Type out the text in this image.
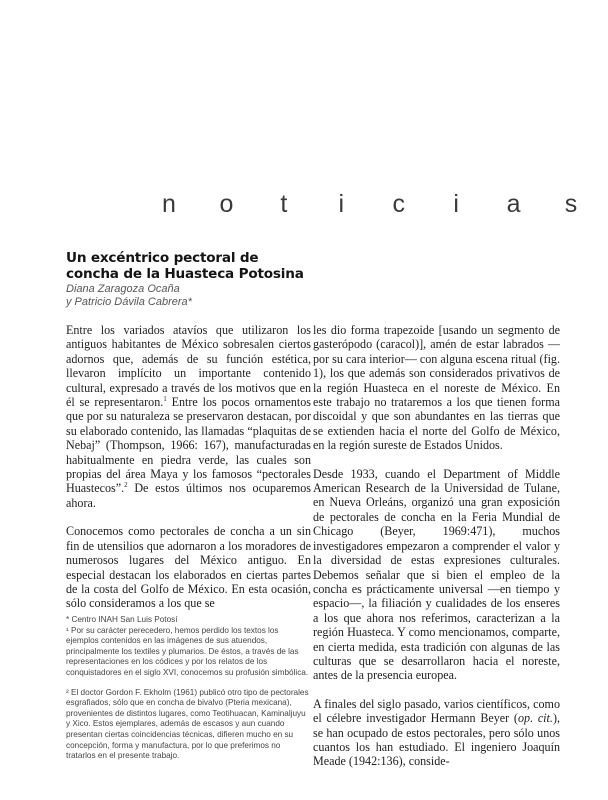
n o t i c i a s
Un excéntrico pectoral de
concha de la Huasteca Potosina
Diana Zaragoza Ocaña
y Patricio Dávila Cabrera*

Entre los variados atavíos que utilizaron los antiguos habitantes de México sobresalen ciertos adornos que, además de su función estética, llevaron implícito un importante contenido cultural, expresado a través de los motivos que en él se representaron.$^1$ Entre los pocos ornamentos que por su naturaleza se preservaron destacan, por su elaborado contenido, las llamadas “plaquitas de Nebaj” (Thompson, 1966: 167), manufacturadas habitualmente en piedra verde, las cuales son propias del área Maya y los famosos “pectorales Huastecos”.$^2$ De estos últimos nos ocuparemos ahora.

Conocemos como pectorales de concha a un sin fin de utensilios que adornaron a los moradores de numerosos lugares del México antiguo. En especial destacan los elaborados en ciertas partes de la costa del Golfo de México. En esta ocasión, sólo consideramos a los que se

* Centro INAH San Luis Potosí
¹ Por su carácter perecedero, hemos perdido los textos los ejemplos contenidos en las imágenes de sus atuendos, principalmente los textiles y plumarios. De éstos, a través de las representaciones en los códices y por los relatos de los conquistadores en el siglo XVI, conocemos su profusión simbólica.

² El doctor Gordon F. Ekholm (1961) publicó otro tipo de pectorales esgrafiados, sólo que en concha de bivalvo (Pteria mexicana), provenientes de distintos lugares, como Teotihuacan, Kaminaljuyu y Xico. Estos ejemplares, además de escasos y aun cuando presentan ciertas coincidencias técnicas, difieren mucho en su concepción, forma y manufactura, por lo que preferimos no tratarlos en el presente trabajo.

les dio forma trapezoide [usando un segmento de gasterópodo (caracol)], amén de estar labrados —por su cara interior— con alguna escena ritual (fig. 1), los que además son considerados privativos de la región Huasteca en el noreste de México. En este trabajo no trataremos a los que tienen forma discoidal y que son abundantes en las tierras que se extienden hacia el norte del Golfo de México, en la región sureste de Estados Unidos.

Desde 1933, cuando el Department of Middle American Research de la Universidad de Tulane, en Nueva Orleáns, organizó una gran exposición de pectorales de concha en la Feria Mundial de Chicago (Beyer, 1969:471), muchos investigadores empezaron a comprender el valor y la diversidad de estas expresiones culturales. Debemos señalar que si bien el empleo de la concha es prácticamente universal —en tiempo y espacio—, la filiación y cualidades de los enseres a los que ahora nos referimos, caracterizan a la región Huasteca. Y como mencionamos, comparte, en cierta medida, esta tradición con algunas de las culturas que se desarrollaron hacia el noreste, antes de la presencia europea.

A finales del siglo pasado, varios científicos, como el célebre investigador Hermann Beyer (op. cit.), se han ocupado de estos pectorales, pero sólo unos cuantos los han estudiado. El ingeniero Joaquín Meade (1942:136), conside-
